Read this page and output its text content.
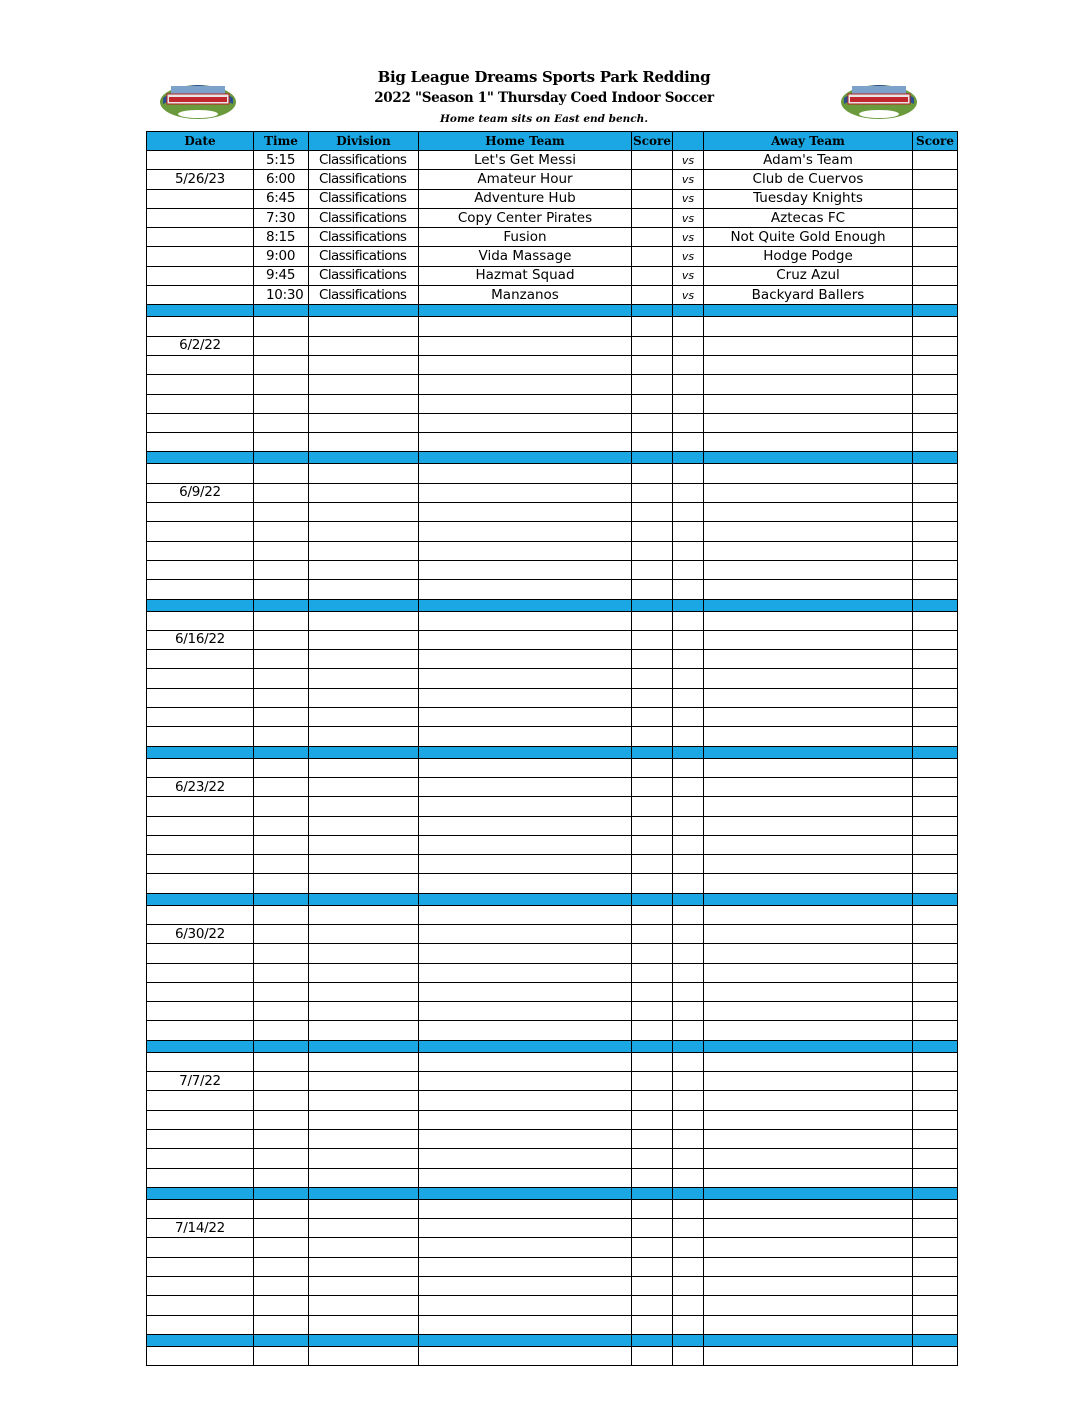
Big League Dreams Sports Park Redding
2022 "Season 1" Thursday Coed Indoor Soccer
Home team sits on East end bench.
Date	Time	Division	Home Team	Score		Away Team	Score
	5:15	Classifications	Let's Get Messi		vs	Adam's Team	
5/26/23	6:00	Classifications	Amateur Hour		vs	Club de Cuervos	
	6:45	Classifications	Adventure Hub		vs	Tuesday Knights	
	7:30	Classifications	Copy Center Pirates		vs	Aztecas FC	
	8:15	Classifications	Fusion		vs	Not Quite Gold Enough	
	9:00	Classifications	Vida Massage		vs	Hodge Podge	
	9:45	Classifications	Hazmat Squad		vs	Cruz Azul	
	10:30	Classifications	Manzanos		vs	Backyard Ballers	

6/2/22							

6/9/22							

6/16/22							

6/23/22							

6/30/22							

7/7/22							

7/14/22							
